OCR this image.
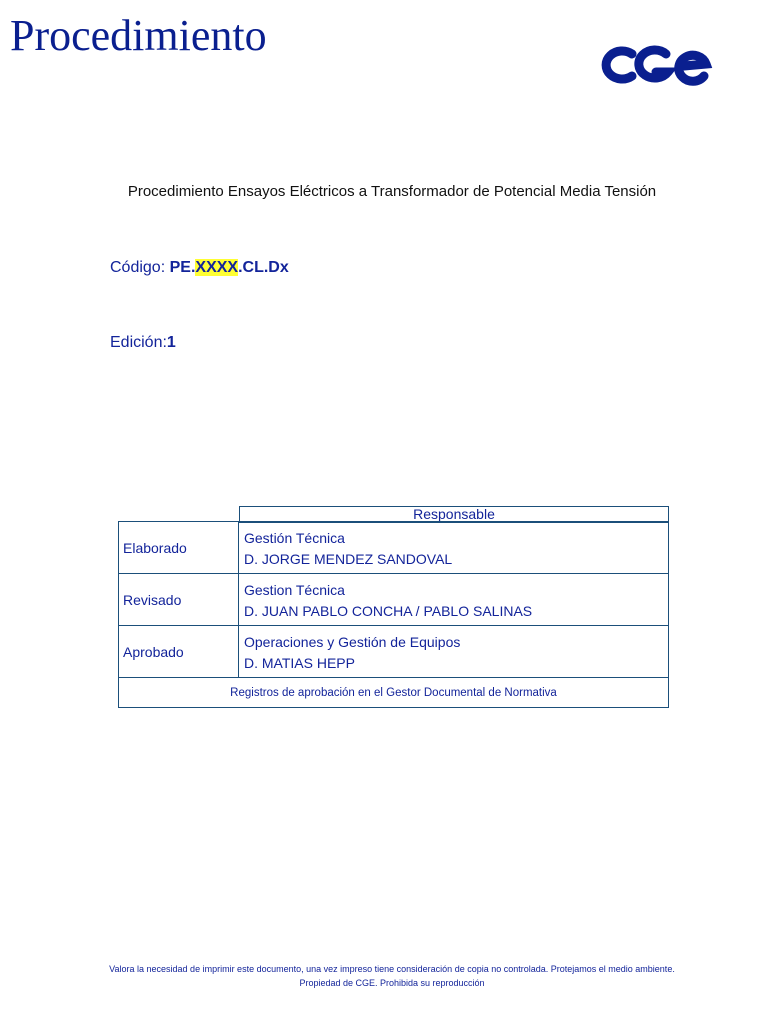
Procedimiento
Procedimiento Ensayos Eléctricos a Transformador de Potencial Media Tensión
Código: PE.XXXX.CL.Dx
Edición:1
Responsable
Elaborado
Gestión Técnica
D. JORGE MENDEZ SANDOVAL
Revisado
Gestion Técnica
D. JUAN PABLO CONCHA / PABLO SALINAS
Aprobado
Operaciones y Gestión de Equipos
D. MATIAS HEPP
Registros de aprobación en el Gestor Documental de Normativa
Valora la necesidad de imprimir este documento, una vez impreso tiene consideración de copia no controlada. Protejamos el medio ambiente.
Propiedad de CGE. Prohibida su reproducción
